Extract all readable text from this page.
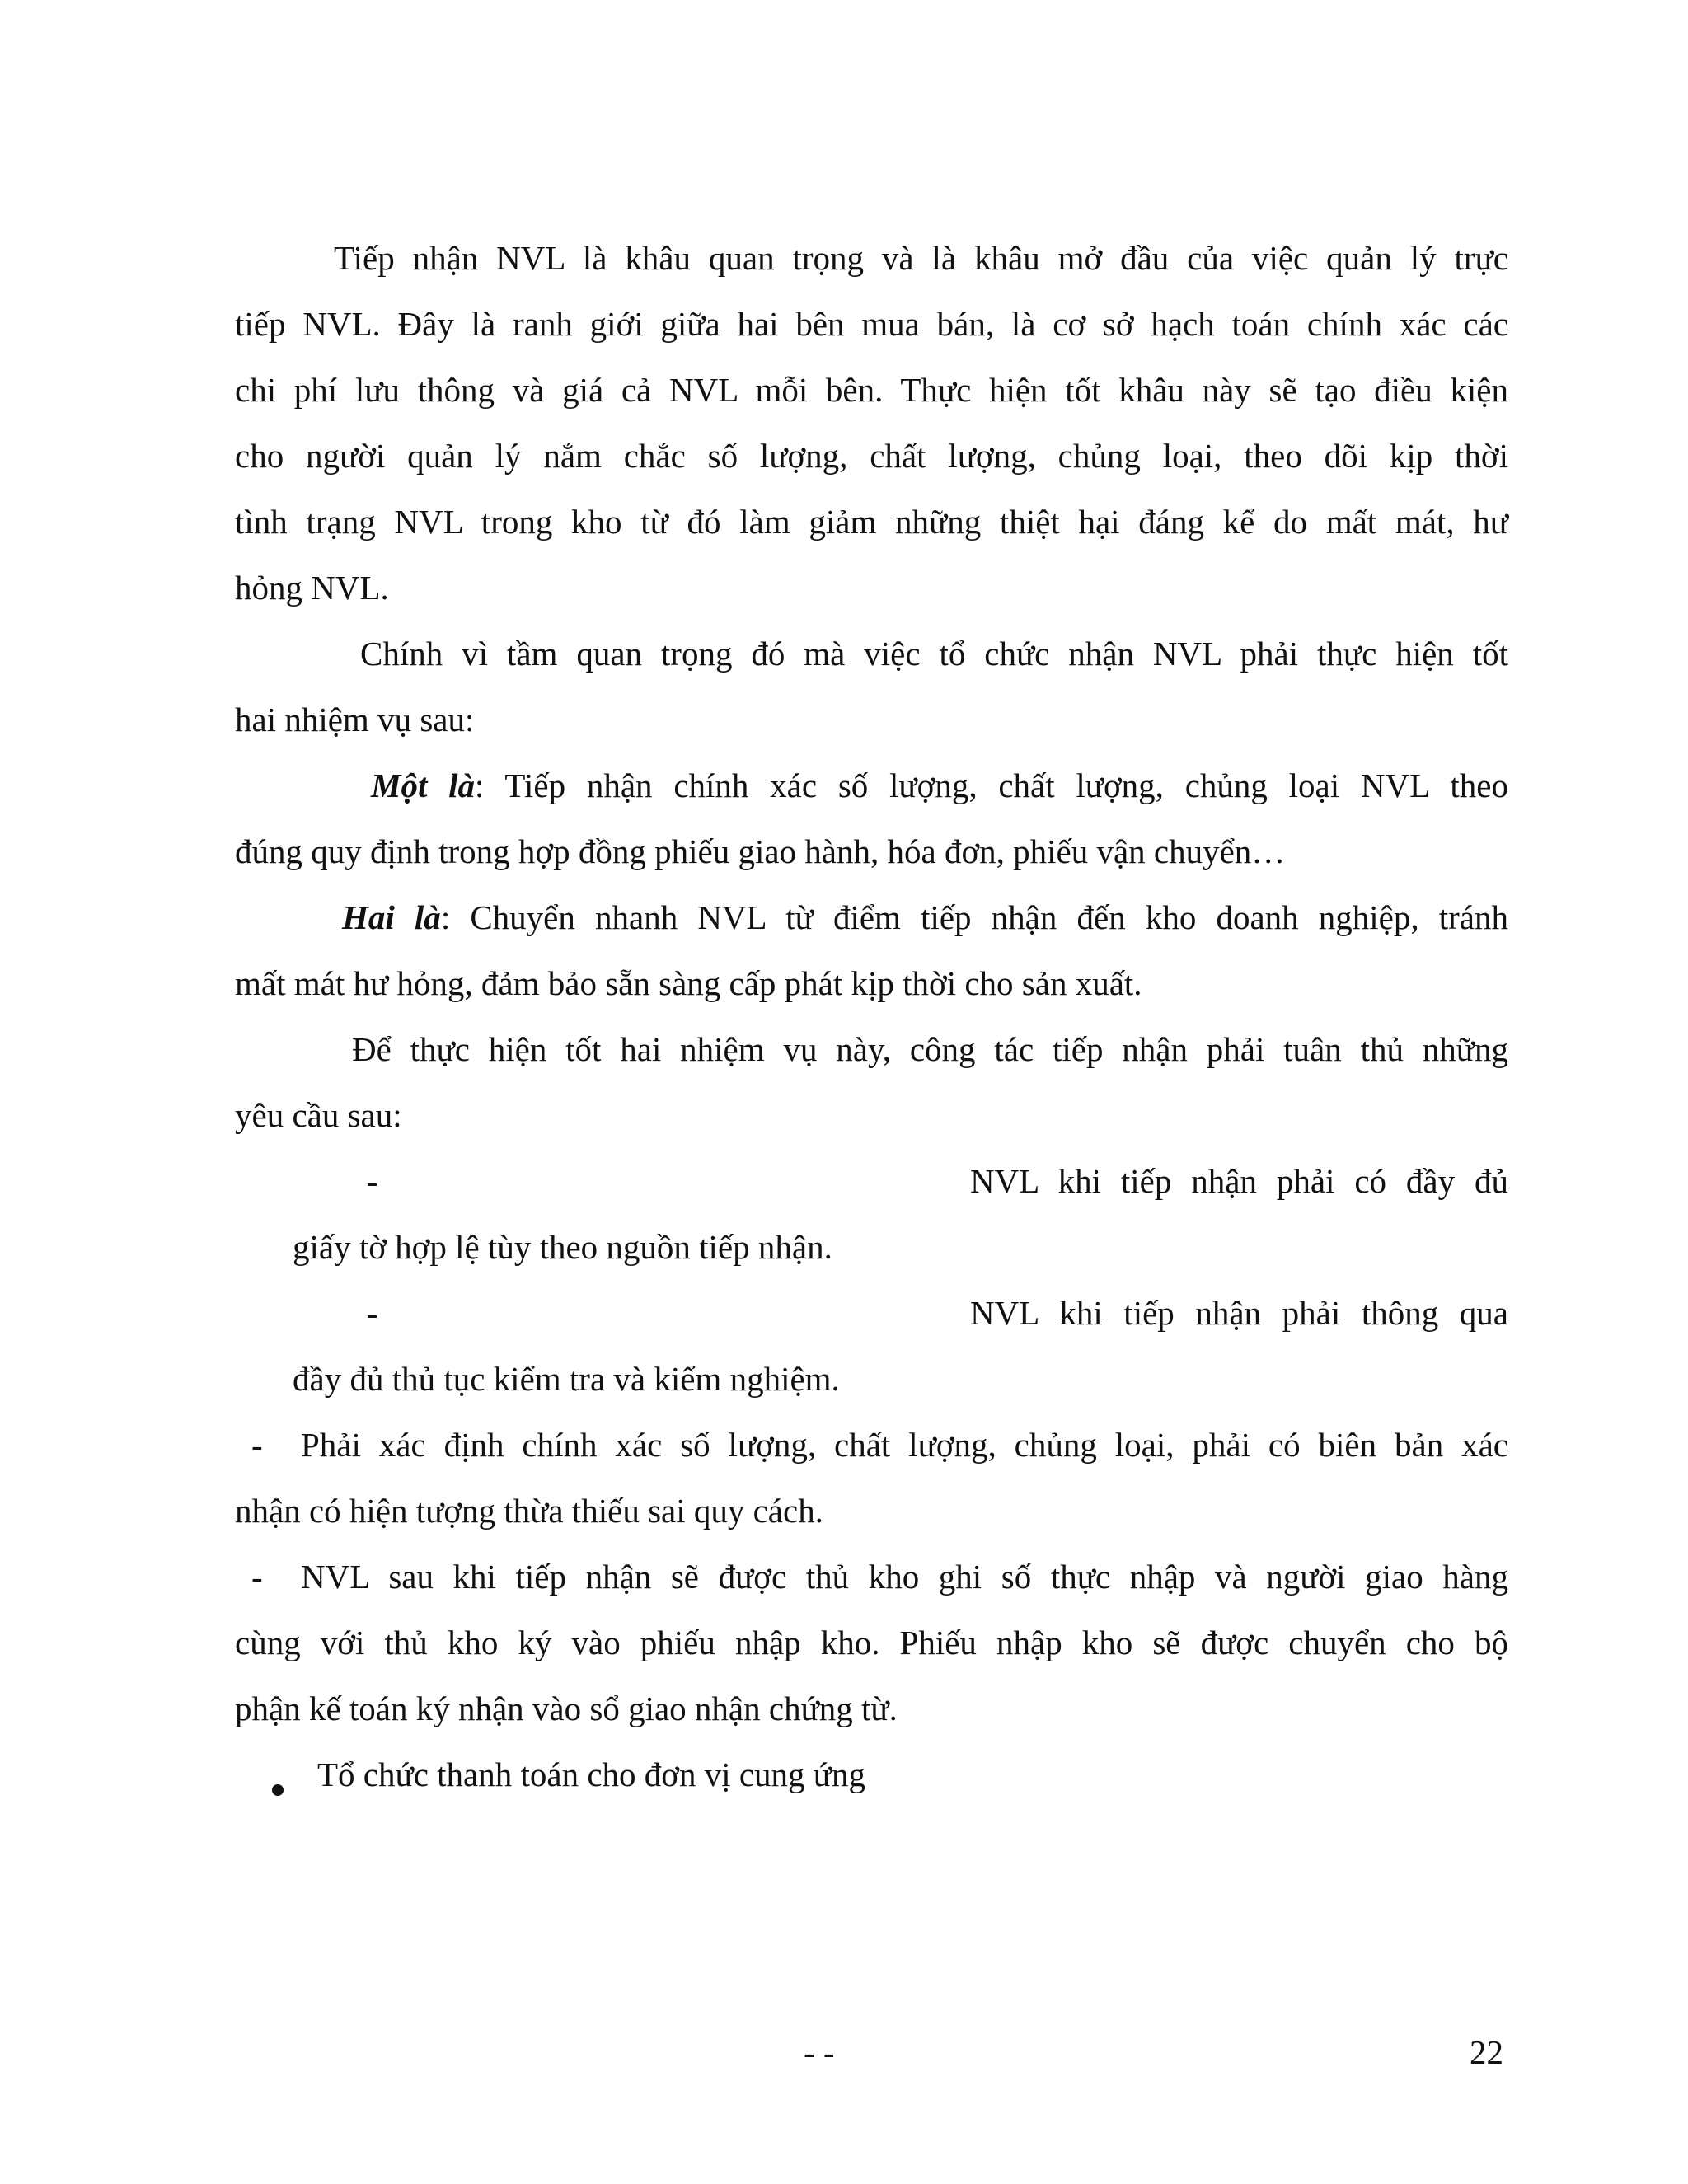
Tiếp nhận NVL là khâu quan trọng và là khâu mở đầu của việc quản lý trực

tiếp NVL. Đây là ranh giới giữa hai bên mua bán, là cơ sở hạch toán chính xác các

chi phí lưu thông và giá cả NVL mỗi bên. Thực hiện tốt khâu này sẽ tạo điều kiện

cho người quản lý nắm chắc số lượng, chất lượng, chủng loại, theo dõi kịp thời

tình trạng NVL trong kho từ đó làm giảm những thiệt hại đáng kể do mất mát, hư

hỏng NVL.

Chính vì tầm quan trọng đó mà việc tổ chức nhận NVL phải thực hiện tốt

hai nhiệm vụ sau:

Một là: Tiếp nhận chính xác số lượng, chất lượng, chủng loại NVL theo

đúng quy định trong hợp đồng phiếu giao hành, hóa đơn, phiếu vận chuyển…

Hai là: Chuyển nhanh NVL từ điểm tiếp nhận đến kho doanh nghiệp, tránh

mất mát hư hỏng, đảm bảo sẵn sàng cấp phát kịp thời cho sản xuất.

Để thực hiện tốt hai nhiệm vụ này, công tác tiếp nhận phải tuân thủ những

yêu cầu sau:

-	NVL khi tiếp nhận phải có đầy đủ

giấy tờ hợp lệ tùy theo nguồn tiếp nhận.

-	NVL khi tiếp nhận phải thông qua

đầy đủ thủ tục kiểm tra và kiểm nghiệm.

- Phải xác định chính xác số lượng, chất lượng, chủng loại, phải có biên bản xác

nhận có hiện tượng thừa thiếu sai quy cách.

- NVL sau khi tiếp nhận sẽ được thủ kho ghi số thực nhập và người giao hàng

cùng với thủ kho ký vào phiếu nhập kho. Phiếu nhập kho sẽ được chuyển cho bộ

phận kế toán ký nhận vào sổ giao nhận chứng từ.

Tổ chức thanh toán cho đơn vị cung ứng

- -	22
